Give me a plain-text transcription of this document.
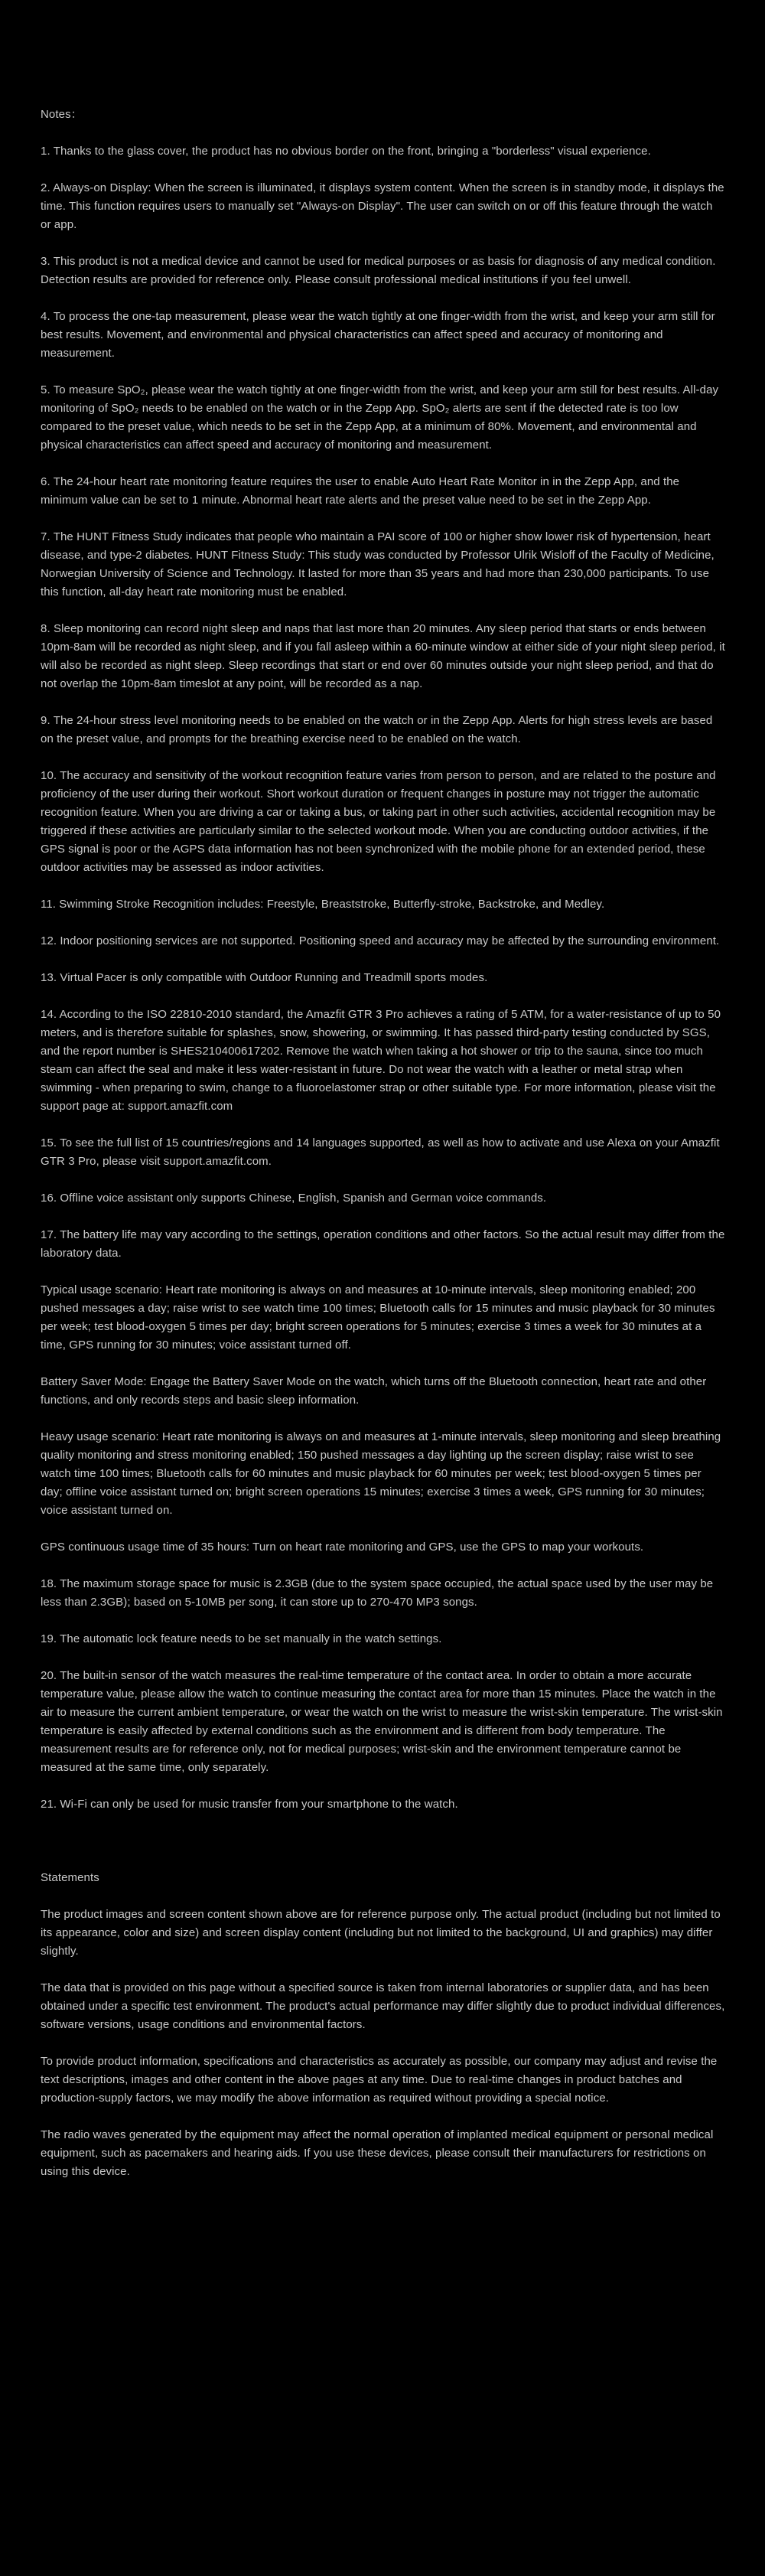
Notes：

1. Thanks to the glass cover, the product has no obvious border on the front, bringing a "borderless" visual experience.

2. Always-on Display: When the screen is illuminated, it displays system content. When the screen is in standby mode, it displays the time. This function requires users to manually set "Always-on Display". The user can switch on or off this feature through the watch or app.

3. This product is not a medical device and cannot be used for medical purposes or as basis for diagnosis of any medical condition. Detection results are provided for reference only. Please consult professional medical institutions if you feel unwell.

4. To process the one-tap measurement, please wear the watch tightly at one finger-width from the wrist, and keep your arm still for best results. Movement, and environmental and physical characteristics can affect speed and accuracy of monitoring and measurement.

5. To measure SpO₂, please wear the watch tightly at one finger-width from the wrist, and keep your arm still for best results. All-day monitoring of SpO₂ needs to be enabled on the watch or in the Zepp App. SpO₂ alerts are sent if the detected rate is too low compared to the preset value, which needs to be set in the Zepp App, at a minimum of 80%. Movement, and environmental and physical characteristics can affect speed and accuracy of monitoring and measurement.

6. The 24-hour heart rate monitoring feature requires the user to enable Auto Heart Rate Monitor in in the Zepp App, and the minimum value can be set to 1 minute. Abnormal heart rate alerts and the preset value need to be set in the Zepp App.

7. The HUNT Fitness Study indicates that people who maintain a PAI score of 100 or higher show lower risk of hypertension, heart disease, and type-2 diabetes. HUNT Fitness Study: This study was conducted by Professor Ulrik Wisloff of the Faculty of Medicine, Norwegian University of Science and Technology. It lasted for more than 35 years and had more than 230,000 participants. To use this function, all-day heart rate monitoring must be enabled.

8. Sleep monitoring can record night sleep and naps that last more than 20 minutes. Any sleep period that starts or ends between 10pm-8am will be recorded as night sleep, and if you fall asleep within a 60-minute window at either side of your night sleep period, it will also be recorded as night sleep. Sleep recordings that start or end over 60 minutes outside your night sleep period, and that do not overlap the 10pm-8am timeslot at any point, will be recorded as a nap.

9. The 24-hour stress level monitoring needs to be enabled on the watch or in the Zepp App. Alerts for high stress levels are based on the preset value, and prompts for the breathing exercise need to be enabled on the watch.

10. The accuracy and sensitivity of the workout recognition feature varies from person to person, and are related to the posture and proficiency of the user during their workout. Short workout duration or frequent changes in posture may not trigger the automatic recognition feature. When you are driving a car or taking a bus, or taking part in other such activities, accidental recognition may be triggered if these activities are particularly similar to the selected workout mode. When you are conducting outdoor activities, if the GPS signal is poor or the AGPS data information has not been synchronized with the mobile phone for an extended period, these outdoor activities may be assessed as indoor activities.

11. Swimming Stroke Recognition includes: Freestyle, Breaststroke, Butterfly-stroke, Backstroke, and Medley.

12. Indoor positioning services are not supported. Positioning speed and accuracy may be affected by the surrounding environment.

13. Virtual Pacer is only compatible with Outdoor Running and Treadmill sports modes.

14. According to the ISO 22810-2010 standard, the Amazfit GTR 3 Pro achieves a rating of 5 ATM, for a water-resistance of up to 50 meters, and is therefore suitable for splashes, snow, showering, or swimming. It has passed third-party testing conducted by SGS, and the report number is SHES210400617202. Remove the watch when taking a hot shower or trip to the sauna, since too much steam can affect the seal and make it less water-resistant in future. Do not wear the watch with a leather or metal strap when swimming - when preparing to swim, change to a fluoroelastomer strap or other suitable type. For more information, please visit the support page at: support.amazfit.com

15. To see the full list of 15 countries/regions and 14 languages supported, as well as how to activate and use Alexa on your Amazfit GTR 3 Pro, please visit support.amazfit.com.

16. Offline voice assistant only supports Chinese, English, Spanish and German voice commands.

17. The battery life may vary according to the settings, operation conditions and other factors. So the actual result may differ from the laboratory data.

Typical usage scenario: Heart rate monitoring is always on and measures at 10-minute intervals, sleep monitoring enabled; 200 pushed messages a day; raise wrist to see watch time 100 times; Bluetooth calls for 15 minutes and music playback for 30 minutes per week; test blood-oxygen 5 times per day; bright screen operations for 5 minutes; exercise 3 times a week for 30 minutes at a time, GPS running for 30 minutes; voice assistant turned off.

Battery Saver Mode: Engage the Battery Saver Mode on the watch, which turns off the Bluetooth connection, heart rate and other functions, and only records steps and basic sleep information.

Heavy usage scenario: Heart rate monitoring is always on and measures at 1-minute intervals, sleep monitoring and sleep breathing quality monitoring and stress monitoring enabled; 150 pushed messages a day lighting up the screen display; raise wrist to see watch time 100 times; Bluetooth calls for 60 minutes and music playback for 60 minutes per week; test blood-oxygen 5 times per day; offline voice assistant turned on; bright screen operations 15 minutes; exercise 3 times a week, GPS running for 30 minutes; voice assistant turned on.

GPS continuous usage time of 35 hours: Turn on heart rate monitoring and GPS, use the GPS to map your workouts.

18. The maximum storage space for music is 2.3GB (due to the system space occupied, the actual space used by the user may be less than 2.3GB); based on 5-10MB per song, it can store up to 270-470 MP3 songs.

19. The automatic lock feature needs to be set manually in the watch settings.

20. The built-in sensor of the watch measures the real-time temperature of the contact area. In order to obtain a more accurate temperature value, please allow the watch to continue measuring the contact area for more than 15 minutes. Place the watch in the air to measure the current ambient temperature, or wear the watch on the wrist to measure the wrist-skin temperature. The wrist-skin temperature is easily affected by external conditions such as the environment and is different from body temperature. The measurement results are for reference only, not for medical purposes; wrist-skin and the environment temperature cannot be measured at the same time, only separately.

21. Wi-Fi can only be used for music transfer from your smartphone to the watch.

Statements

The product images and screen content shown above are for reference purpose only. The actual product (including but not limited to its appearance, color and size) and screen display content (including but not limited to the background, UI and graphics) may differ slightly.

The data that is provided on this page without a specified source is taken from internal laboratories or supplier data, and has been obtained under a specific test environment. The product's actual performance may differ slightly due to product individual differences, software versions, usage conditions and environmental factors.

To provide product information, specifications and characteristics as accurately as possible, our company may adjust and revise the text descriptions, images and other content in the above pages at any time. Due to real-time changes in product batches and production-supply factors, we may modify the above information as required without providing a special notice.

The radio waves generated by the equipment may affect the normal operation of implanted medical equipment or personal medical equipment, such as pacemakers and hearing aids. If you use these devices, please consult their manufacturers for restrictions on using this device.
